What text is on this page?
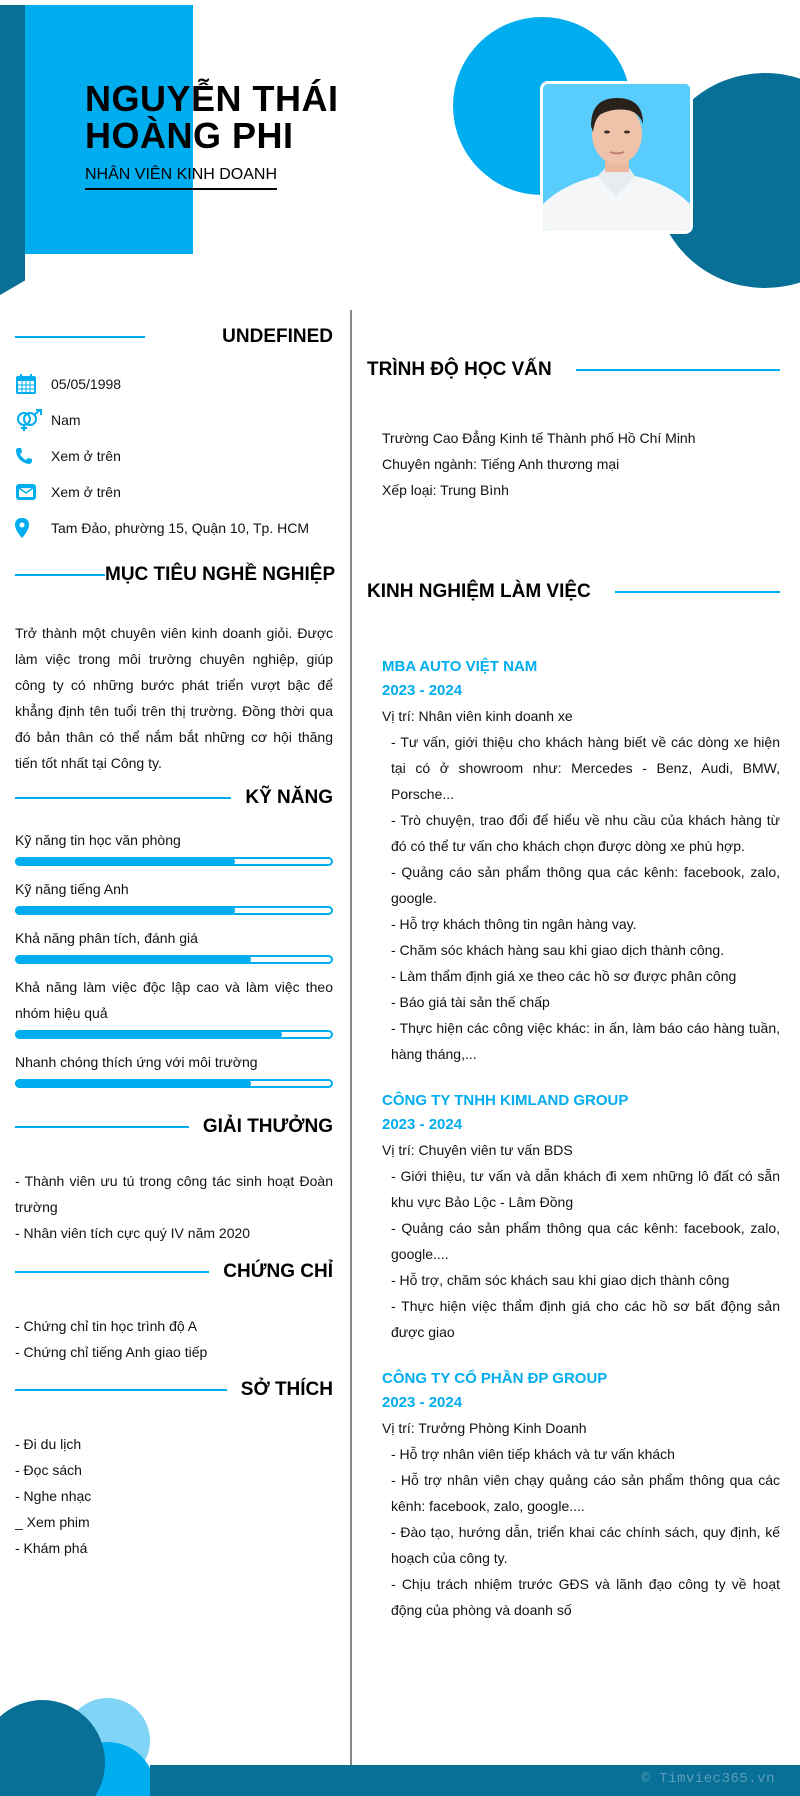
NGUYỄN THÁI HOÀNG PHI
NHÂN VIÊN KINH DOANH
UNDEFINED
05/05/1998
Nam
Xem ở trên
Xem ở trên
Tam Đảo, phường 15, Quận 10, Tp. HCM
MỤC TIÊU NGHỀ NGHIỆP
Trở thành một chuyên viên kinh doanh giỏi. Được làm việc trong môi trường chuyên nghiệp, giúp công ty có những bước phát triển vượt bậc để khẳng định tên tuổi trên thị trường. Đồng thời qua đó bản thân có thể nắm bắt những cơ hội thăng tiến tốt nhất tại Công ty.
KỸ NĂNG
Kỹ năng tin học văn phòng
Kỹ năng tiếng Anh
Khả năng phân tích, đánh giá
Khả năng làm việc độc lập cao và làm việc theo nhóm hiệu quả
Nhanh chóng thích ứng với môi trường
GIẢI THƯỞNG
- Thành viên ưu tú trong công tác sinh hoạt Đoàn trường
- Nhân viên tích cực quý IV năm 2020
CHỨNG CHỈ
- Chứng chỉ tin học trình độ A
- Chứng chỉ tiếng Anh giao tiếp
SỞ THÍCH
- Đi du lịch
- Đọc sách
- Nghe nhạc
_ Xem phim
- Khám phá
TRÌNH ĐỘ HỌC VẤN
Trường Cao Đẳng Kinh tế Thành phố Hồ Chí Minh
Chuyên ngành: Tiếng Anh thương mại
Xếp loại: Trung Bình
KINH NGHIỆM LÀM VIỆC
MBA AUTO VIỆT NAM
2023 - 2024
Vị trí: Nhân viên kinh doanh xe
- Tư vấn, giới thiệu cho khách hàng biết về các dòng xe hiện tại có ở showroom như: Mercedes - Benz, Audi, BMW, Porsche...
- Trò chuyện, trao đổi để hiểu về nhu cầu của khách hàng từ đó có thể tư vấn cho khách chọn được dòng xe phù hợp.
- Quảng cáo sản phẩm thông qua các kênh: facebook, zalo, google.
- Hỗ trợ khách thông tin ngân hàng vay.
- Chăm sóc khách hàng sau khi giao dịch thành công.
- Làm thẩm định giá xe theo các hồ sơ được phân công
- Báo giá tài sản thế chấp
- Thực hiện các công việc khác: in ấn, làm báo cáo hàng tuần, hàng tháng,...
CÔNG TY TNHH KIMLAND GROUP
2023 - 2024
Vị trí: Chuyên viên tư vấn BDS
- Giới thiệu, tư vấn và dẫn khách đi xem những lô đất có sẵn khu vực Bảo Lộc - Lâm Đồng
- Quảng cáo sản phẩm thông qua các kênh: facebook, zalo, google....
- Hỗ trợ, chăm sóc khách sau khi giao dịch thành công
- Thực hiện việc thẩm định giá cho các hồ sơ bất động sản được giao
CÔNG TY CỔ PHẦN ĐP GROUP
2023 - 2024
Vị trí: Trưởng Phòng Kinh Doanh
- Hỗ trợ nhân viên tiếp khách và tư vấn khách
- Hỗ trợ nhân viên chạy quảng cáo sản phẩm thông qua các kênh: facebook, zalo, google....
- Đào tạo, hướng dẫn, triển khai các chính sách, quy định, kế hoạch của công ty.
- Chịu trách nhiệm trước GĐS và lãnh đạo công ty về hoạt động của phòng và doanh số
© Timviec365.vn
